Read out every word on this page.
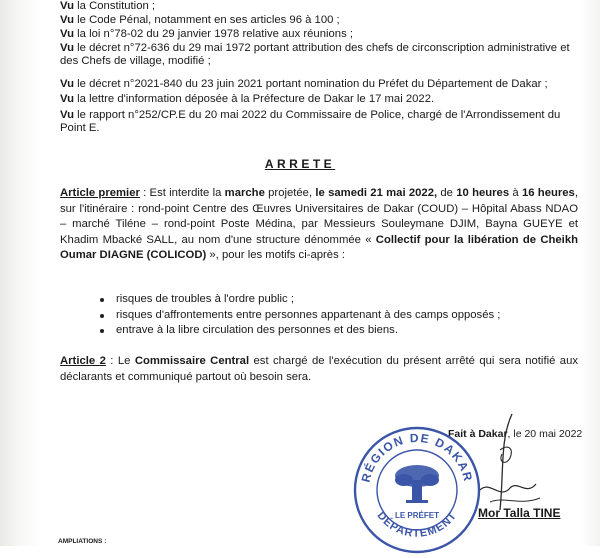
Vu la Constitution ;

Vu le Code Pénal, notamment en ses articles 96 à 100 ;

Vu la loi n°78-02 du 29 janvier 1978 relative aux réunions ;

Vu le décret n°72-636 du 29 mai 1972 portant attribution des chefs de circonscription administrative et des Chefs de village, modifié ;

Vu le décret n°2021-840 du 23 juin 2021 portant nomination du Préfet du Département de Dakar ;

Vu la lettre d'information déposée à la Préfecture de Dakar le 17 mai 2022.

Vu le rapport n°252/CP.E du 20 mai 2022 du Commissaire de Police, chargé de l'Arrondissement du Point E.

ARRETE

Article premier : Est interdite la marche projetée, le samedi 21 mai 2022, de 10 heures à 16 heures, sur l'itinéraire : rond-point Centre des Œuvres Universitaires de Dakar (COUD) – Hôpital Abass NDAO – marché Tiléne – rond-point Poste Médina, par Messieurs Souleymane DJIM, Bayna GUEYE et Khadim Mbacké SALL, au nom d'une structure dénommée « Collectif pour la libération de Cheikh Oumar DIAGNE (COLICOD) », pour les motifs ci-après :

risques de troubles à l'ordre public ;
risques d'affrontements entre personnes appartenant à des camps opposés ;
entrave à la libre circulation des personnes et des biens.

Article 2 : Le Commissaire Central est chargé de l'exécution du présent arrêté qui sera notifié aux déclarants et communiqué partout où besoin sera.

Fait à Dakar, le 20 mai 2022
RÉGION DE DAKAR
DÉPARTEMENT
LE PRÉFET	Mor Talla TINE
AMPLIATIONS :
